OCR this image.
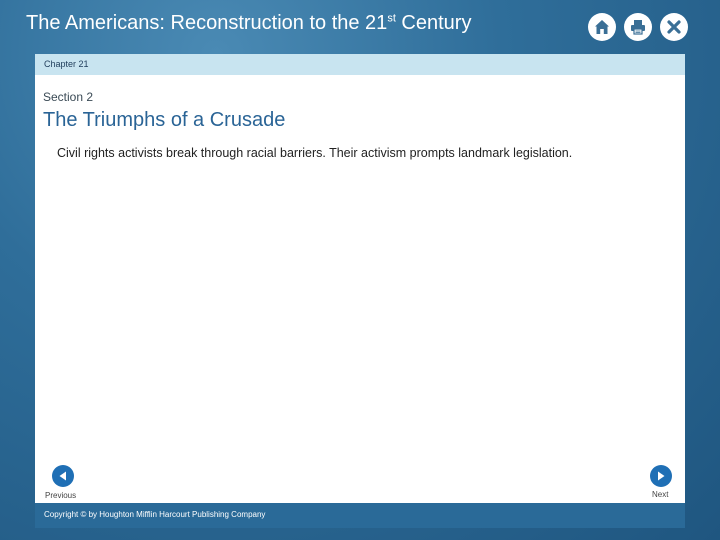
The Americans: Reconstruction to the 21st Century
Chapter 21
Section 2
The Triumphs of a Crusade
Civil rights activists break through racial barriers. Their activism prompts landmark legislation.
Previous	Next
Copyright © by Houghton Mifflin Harcourt Publishing Company
